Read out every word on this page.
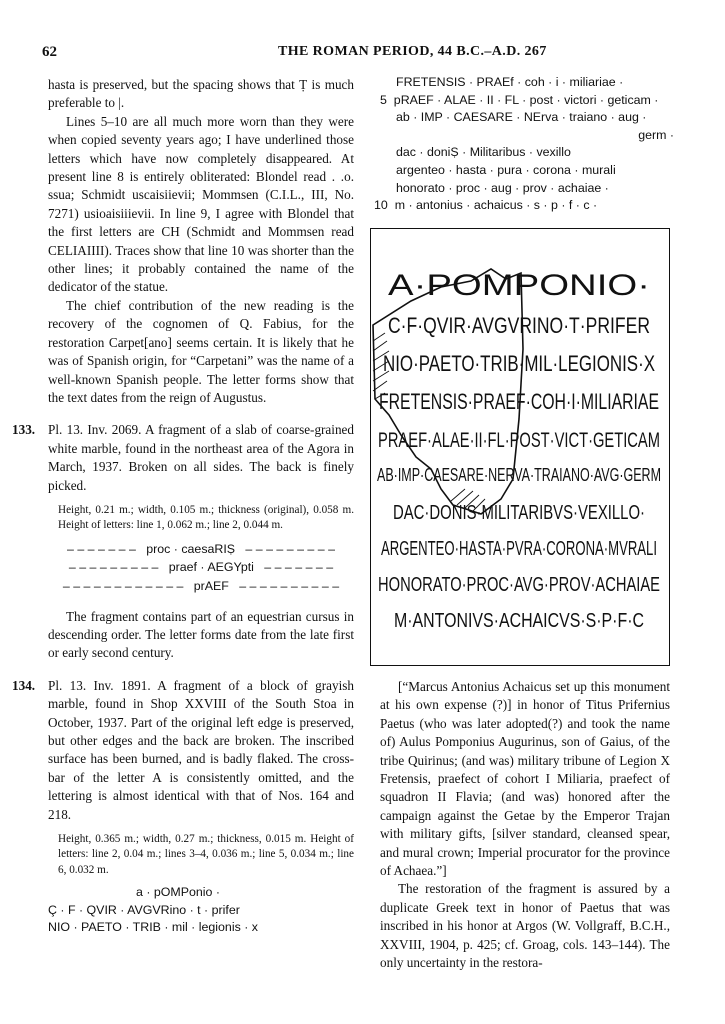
62	THE ROMAN PERIOD, 44 B.C.–A.D. 267

hasta is preserved, but the spacing shows that Ṭ is much preferable to |.

Lines 5–10 are all much more worn than they were when copied seventy years ago; I have underlined those letters which have now completely disappeared. At present line 8 is entirely obliterated: Blondel read . .o. ssua; Schmidt uscaisiievii; Mommsen (C.I.L., III, No. 7271) usioaisiiievii. In line 9, I agree with Blondel that the first letters are CH (Schmidt and Mommsen read CELIAIIII). Traces show that line 10 was shorter than the other lines; it probably contained the name of the dedicator of the statue.

The chief contribution of the new reading is the recovery of the cognomen of Q. Fabius, for the restoration Carpet[ano] seems certain. It is likely that he was of Spanish origin, for “Carpetani” was the name of a well-known Spanish people. The letter forms show that the text dates from the reign of Augustus.

133. Pl. 13. Inv. 2069. A fragment of a slab of coarse-grained white marble, found in the northeast area of the Agora in March, 1937. Broken on all sides. The back is finely picked.

Height, 0.21 m.; width, 0.105 m.; thickness (original), 0.058 m. Height of letters: line 1, 0.062 m.; line 2, 0.044 m.

– – – – – – –   proc · caesaRIṢ   – – – – – – – – –
– – – – – – – – –   praef · AEGYpti   – – – – – – –
– – – – – – – – – – – –   prAEF   – – – – – – – – – –

The fragment contains part of an equestrian cursus in descending order. The letter forms date from the late first or early second century.

134. Pl. 13. Inv. 1891. A fragment of a block of grayish marble, found in Shop XXVIII of the South Stoa in October, 1937. Part of the original left edge is preserved, but other edges and the back are broken. The inscribed surface has been burned, and is badly flaked. The cross-bar of the letter A is consistently omitted, and the lettering is almost identical with that of Nos. 164 and 218.

Height, 0.365 m.; width, 0.27 m.; thickness, 0.015 m. Height of letters: line 2, 0.04 m.; lines 3–4, 0.036 m.; line 5, 0.034 m.; line 6, 0.032 m.

a · pOMPonio ·
Ç · F · QVIR · AVGVRino · t · prifer
NIO · PAETO · TRIB · mil · legionis · x
FRETENSIS · PRAEf · coh · i · miliariae ·
5 pRAEF · ALAE · II · FL · post · victori · geticam ·
ab · IMP · CAESARE · NErva · traiano · aug ·
germ ·
dac · doniṢ · Militaribus · vexillo
argenteo · hasta · pura · corona · murali
honorato · proc · aug · prov · achaiae ·
10 m · antonius · achaicus · s · p · f · c ·
A·POMPONIO·
C·F·QVIR·AVGVRINO·T·PRIFER
NIO·PAETO·TRIB·MIL·LEGIONIS·X
FRETENSIS·PRAEF·COH·I·MILIARIAE
PRAEF·ALAE·II·FL·POST·VICT·GETICAM
AB·IMP·CAESARE·NERVA·TRAIANO·AVG·GERM
DAC·DONIS·MILITARIBVS·VEXILLO·
ARGENTEO·HASTA·PVRA·CORONA·MVRALI
HONORATO·PROC·AVG·PROV·ACHAIAE
M·ANTONIVS·ACHAICVS·S·P·F·C

[“Marcus Antonius Achaicus set up this monument at his own expense (?)] in honor of Titus Prifernius Paetus (who was later adopted(?) and took the name of) Aulus Pomponius Augurinus, son of Gaius, of the tribe Quirinus; (and was) military tribune of Legion X Fretensis, praefect of cohort I Miliaria, praefect of squadron II Flavia; (and was) honored after the campaign against the Getae by the Emperor Trajan with military gifts, [silver standard, cleansed spear, and mural crown; Imperial procurator for the province of Achaea.”]

The restoration of the fragment is assured by a duplicate Greek text in honor of Paetus that was inscribed in his honor at Argos (W. Vollgraff, B.C.H., XXVIII, 1904, p. 425; cf. Groag, cols. 143–144). The only uncertainty in the restora-
